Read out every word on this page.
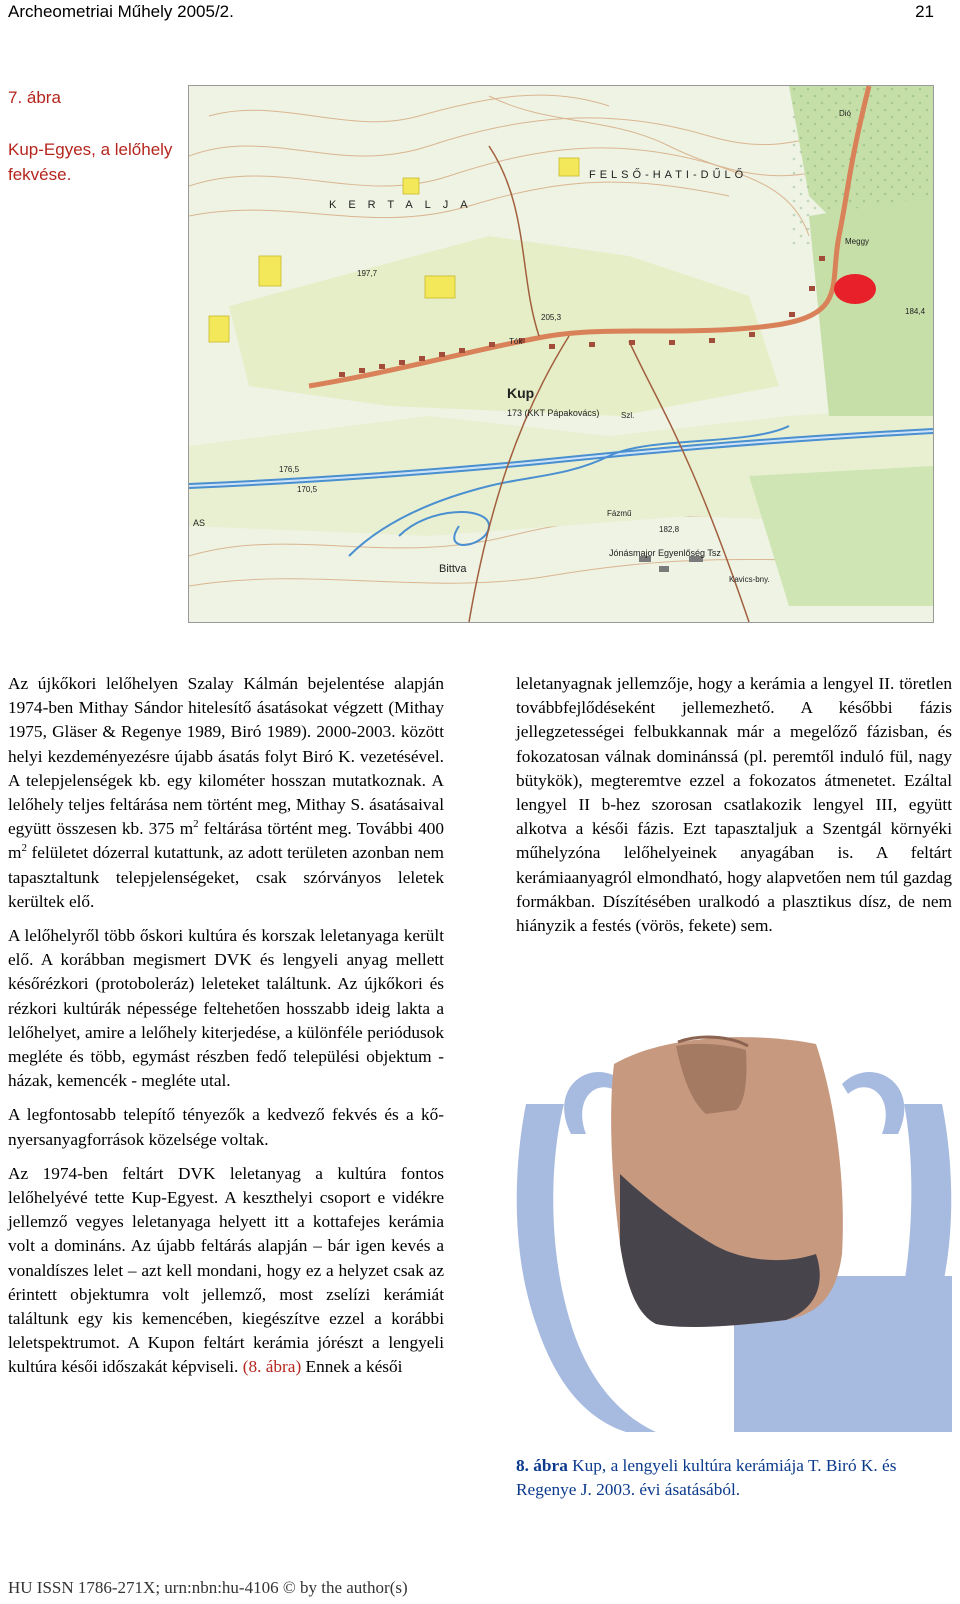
Archeometriai Műhely 2005/2.	21
7. ábra
Kup-Egyes, a lelőhely fekvése.
KERTALJA
FELSŐ-HATI-DŰLŐ
Kup
173 (KKT Pápakovács)
Bittva
Jónásmajor Egyenlőség Tsz
Kavics-bny.
Fázmű
Dió
Meggy
Szl.
Tók
176,5
182,8
197,7
205,3
170,5
184,4
AS

Az újkőkori lelőhelyen Szalay Kálmán bejelentése alapján 1974-ben Mithay Sándor hitelesítő ásatásokat végzett (Mithay 1975, Gläser & Regenye 1989, Biró 1989). 2000-2003. között helyi kezdeményezésre újabb ásatás folyt Biró K. vezetésével. A telepjelenségek kb. egy kilométer hosszan mutatkoznak. A lelőhely teljes feltárása nem történt meg, Mithay S. ásatásaival együtt összesen kb. 375 $m^2$ feltárása történt meg. További 400 $m^2$ felületet dózerral kutattunk, az adott területen azonban nem tapasztaltunk telepjelenségeket, csak szórványos leletek kerültek elő.

A lelőhelyről több őskori kultúra és korszak leletanyaga került elő. A korábban megismert DVK és lengyeli anyag mellett későrézkori (protoboleráz) leleteket találtunk. Az újkőkori és rézkori kultúrák népessége feltehetően hosszabb ideig lakta a lelőhelyet, amire a lelőhely kiterjedése, a különféle periódusok megléte és több, egymást részben fedő települési objektum - házak, kemencék - megléte utal.

A legfontosabb telepítő tényezők a kedvező fekvés és a kő-nyersanyagforrások közelsége voltak.

Az 1974-ben feltárt DVK leletanyag a kultúra fontos lelőhelyévé tette Kup-Egyest. A keszthelyi csoport e vidékre jellemző vegyes leletanyaga helyett itt a kottafejes kerámia volt a domináns. Az újabb feltárás alapján – bár igen kevés a vonaldíszes lelet – azt kell mondani, hogy ez a helyzet csak az érintett objektumra volt jellemző, most zselízi kerámiát találtunk egy kis kemencében, kiegészítve ezzel a korábbi leletspektrumot. A Kupon feltárt kerámia jórészt a lengyeli kultúra késői időszakát képviseli. (8. ábra) Ennek a késői

leletanyagnak jellemzője, hogy a kerámia a lengyel II. töretlen továbbfejlődéseként jellemezhető. A későbbi fázis jellegzetességei felbukkannak már a megelőző fázisban, és fokozatosan válnak dominánssá (pl. peremtől induló fül, nagy bütykök), megteremtve ezzel a fokozatos átmenetet. Ezáltal lengyel II b-hez szorosan csatlakozik lengyel III, együtt alkotva a késői fázis. Ezt tapasztaljuk a Szentgál környéki műhelyzóna lelőhelyeinek anyagában is. A feltárt kerámiaanyagról elmondható, hogy alapvetően nem túl gazdag formákban. Díszítésében uralkodó a plasztikus dísz, de nem hiányzik a festés (vörös, fekete) sem.

8. ábra Kup, a lengyeli kultúra kerámiája T. Biró K. és Regenye J. 2003. évi ásatásából.
HU ISSN 1786-271X; urn:nbn:hu-4106 © by the author(s)
